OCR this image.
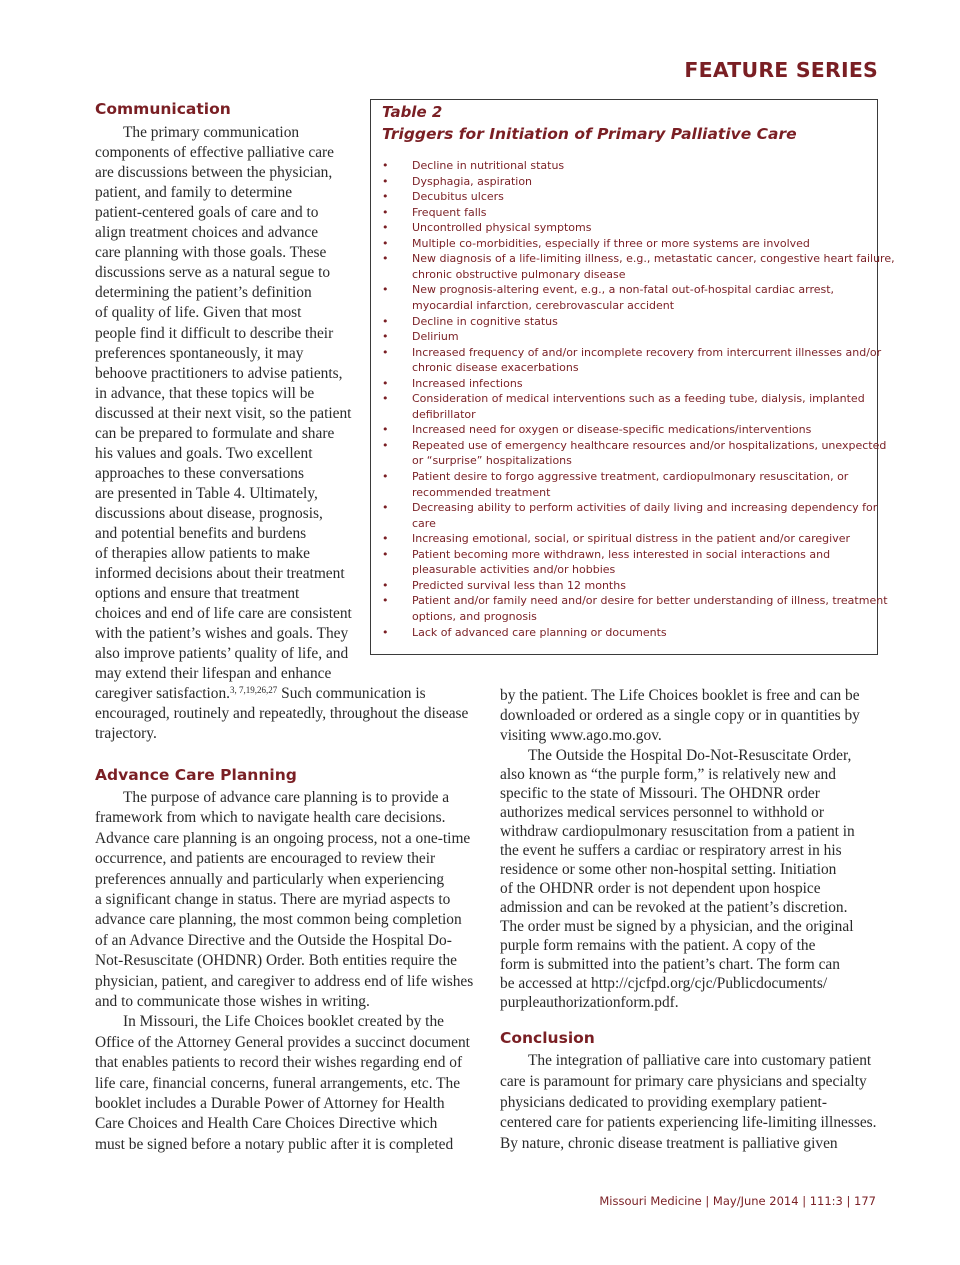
FEATURE SERIES
Table 2
Triggers for Initiation of Primary Palliative Care
• Decline in nutritional status
• Dysphagia, aspiration
• Decubitus ulcers
• Frequent falls
• Uncontrolled physical symptoms
• Multiple co-morbidities, especially if three or more systems are involved
• New diagnosis of a life-limiting illness, e.g., metastatic cancer, congestive heart failure,
chronic obstructive pulmonary disease
• New prognosis-altering event, e.g., a non-fatal out-of-hospital cardiac arrest,
myocardial infarction, cerebrovascular accident
• Decline in cognitive status
• Delirium
• Increased frequency of and/or incomplete recovery from intercurrent illnesses and/or
chronic disease exacerbations
• Increased infections
• Consideration of medical interventions such as a feeding tube, dialysis, implanted
defibrillator
• Increased need for oxygen or disease-specific medications/interventions
• Repeated use of emergency healthcare resources and/or hospitalizations, unexpected
or “surprise” hospitalizations
• Patient desire to forgo aggressive treatment, cardiopulmonary resuscitation, or
recommended treatment
• Decreasing ability to perform activities of daily living and increasing dependency for
care
• Increasing emotional, social, or spiritual distress in the patient and/or caregiver
• Patient becoming more withdrawn, less interested in social interactions and
pleasurable activities and/or hobbies
• Predicted survival less than 12 months
• Patient and/or family need and/or desire for better understanding of illness, treatment
options, and prognosis
• Lack of advanced care planning or documents
Communication
The primary communication
components of effective palliative care
are discussions between the physician,
patient, and family to determine
patient-centered goals of care and to
align treatment choices and advance
care planning with those goals. These
discussions serve as a natural segue to
determining the patient’s definition
of quality of life. Given that most
people find it difficult to describe their
preferences spontaneously, it may
behoove practitioners to advise patients,
in advance, that these topics will be
discussed at their next visit, so the patient
can be prepared to formulate and share
his values and goals. Two excellent
approaches to these conversations
are presented in Table 4. Ultimately,
discussions about disease, prognosis,
and potential benefits and burdens
of therapies allow patients to make
informed decisions about their treatment
options and ensure that treatment
choices and end of life care are consistent
with the patient’s wishes and goals. They
also improve patients’ quality of life, and
may extend their lifespan and enhance
caregiver satisfaction.$^{3, 7,19,26,27}$ Such communication is
encouraged, routinely and repeatedly, throughout the disease
trajectory.
Advance Care Planning
The purpose of advance care planning is to provide a
framework from which to navigate health care decisions.
Advance care planning is an ongoing process, not a one-time
occurrence, and patients are encouraged to review their
preferences annually and particularly when experiencing
a significant change in status. There are myriad aspects to
advance care planning, the most common being completion
of an Advance Directive and the Outside the Hospital Do-
Not-Resuscitate (OHDNR) Order. Both entities require the
physician, patient, and caregiver to address end of life wishes
and to communicate those wishes in writing.
In Missouri, the Life Choices booklet created by the
Office of the Attorney General provides a succinct document
that enables patients to record their wishes regarding end of
life care, financial concerns, funeral arrangements, etc. The
booklet includes a Durable Power of Attorney for Health
Care Choices and Health Care Choices Directive which
must be signed before a notary public after it is completed
by the patient. The Life Choices booklet is free and can be
downloaded or ordered as a single copy or in quantities by
visiting www.ago.mo.gov.
The Outside the Hospital Do-Not-Resuscitate Order,
also known as “the purple form,” is relatively new and
specific to the state of Missouri. The OHDNR order
authorizes medical services personnel to withhold or
withdraw cardiopulmonary resuscitation from a patient in
the event he suffers a cardiac or respiratory arrest in his
residence or some other non-hospital setting. Initiation
of the OHDNR order is not dependent upon hospice
admission and can be revoked at the patient’s discretion.
The order must be signed by a physician, and the original
purple form remains with the patient. A copy of the
form is submitted into the patient’s chart. The form can
be accessed at http://cjcfpd.org/cjc/Publicdocuments/
purpleauthorizationform.pdf.
Conclusion
The integration of palliative care into customary patient
care is paramount for primary care physicians and specialty
physicians dedicated to providing exemplary patient-
centered care for patients experiencing life-limiting illnesses.
By nature, chronic disease treatment is palliative given
Missouri Medicine | May/June 2014 | 111:3 | 177
